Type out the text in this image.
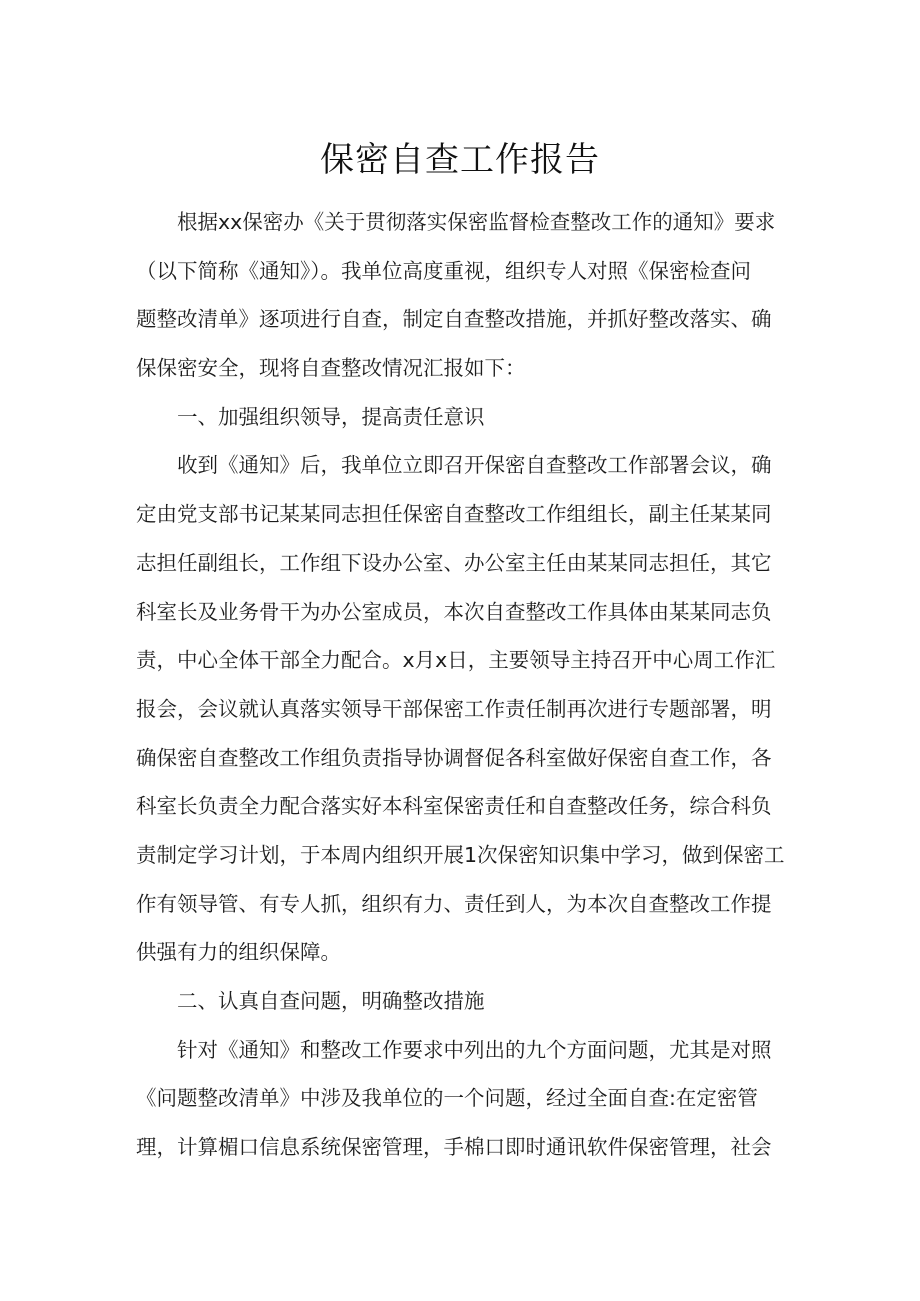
保密自查工作报告
根据xx保密办《关于贯彻落实保密监督检查整改工作的通知》要求
（以下简称《通知》）。我单位高度重视，组织专人对照《保密检查问
题整改清单》逐项进行自查，制定自查整改措施，并抓好整改落实、确
保保密安全，现将自查整改情况汇报如下：
一、加强组织领导，提高责任意识
收到《通知》后，我单位立即召开保密自查整改工作部署会议，确
定由党支部书记某某同志担任保密自查整改工作组组长，副主任某某同
志担任副组长，工作组下设办公室、办公室主任由某某同志担任，其它
科室长及业务骨干为办公室成员，本次自查整改工作具体由某某同志负
责，中心全体干部全力配合。x月x日，主要领导主持召开中心周工作汇
报会，会议就认真落实领导干部保密工作责任制再次进行专题部署，明
确保密自查整改工作组负责指导协调督促各科室做好保密自查工作，各
科室长负责全力配合落实好本科室保密责任和自查整改任务，综合科负
责制定学习计划，于本周内组织开展1次保密知识集中学习，做到保密工
作有领导管、有专人抓，组织有力、责任到人，为本次自查整改工作提
供强有力的组织保障。
二、认真自查问题，明确整改措施
针对《通知》和整改工作要求中列出的九个方面问题，尤其是对照
《问题整改清单》中涉及我单位的一个问题，经过全面自查:在定密管
理，计算楣口信息系统保密管理，手棉口即时通讯软件保密管理，社会
